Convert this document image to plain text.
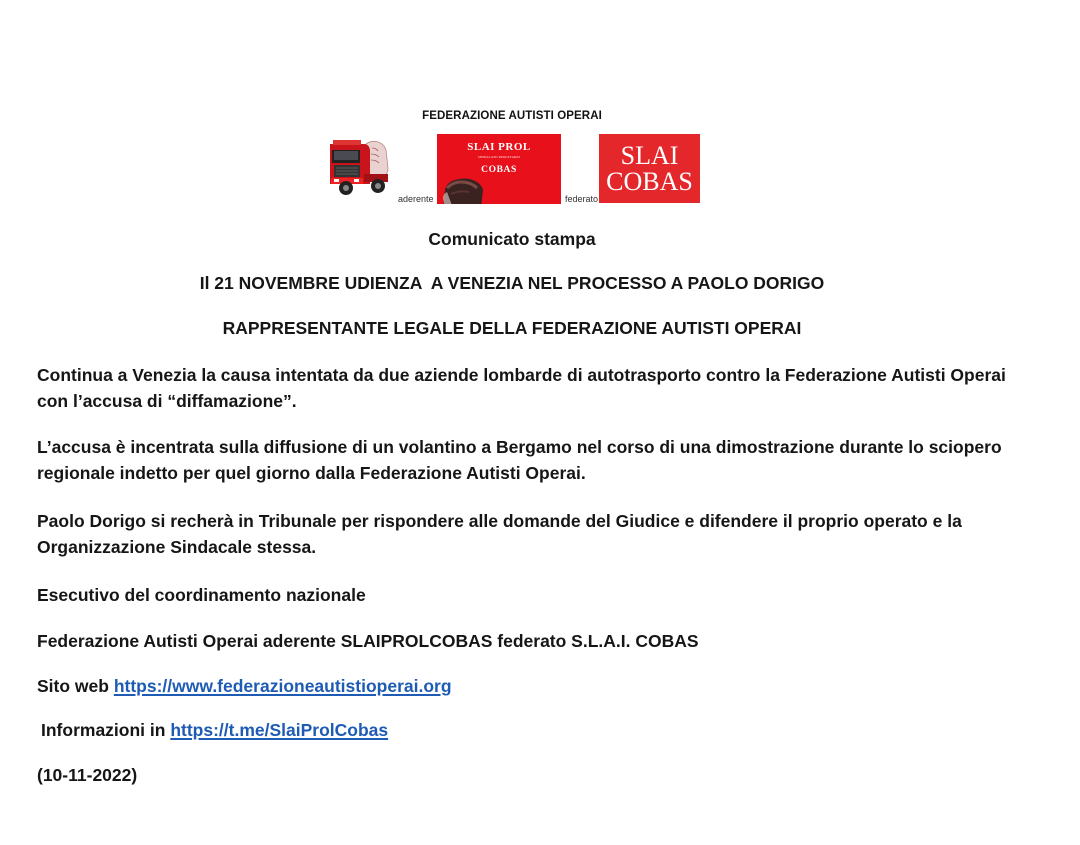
FEDERAZIONE AUTISTI OPERAI
aderente
SLAI PROL
SINDACATO PROLETARIO
COBAS
federato
SLAI
COBAS
Comunicato stampa
Il 21 NOVEMBRE UDIENZA  A VENEZIA NEL PROCESSO A PAOLO DORIGO
RAPPRESENTANTE LEGALE DELLA FEDERAZIONE AUTISTI OPERAI
Continua a Venezia la causa intentata da due aziende lombarde di autotrasporto contro la Federazione Autisti Operai con l’accusa di “diffamazione”.
L’accusa è incentrata sulla diffusione di un volantino a Bergamo nel corso di una dimostrazione durante lo sciopero regionale indetto per quel giorno dalla Federazione Autisti Operai.
Paolo Dorigo si recherà in Tribunale per rispondere alle domande del Giudice e difendere il proprio operato e la Organizzazione Sindacale stessa.
Esecutivo del coordinamento nazionale
Federazione Autisti Operai aderente SLAIPROLCOBAS federato S.L.A.I. COBAS
Sito web https://www.federazioneautistioperai.org
Informazioni in https://t.me/SlaiProlCobas
(10-11-2022)
